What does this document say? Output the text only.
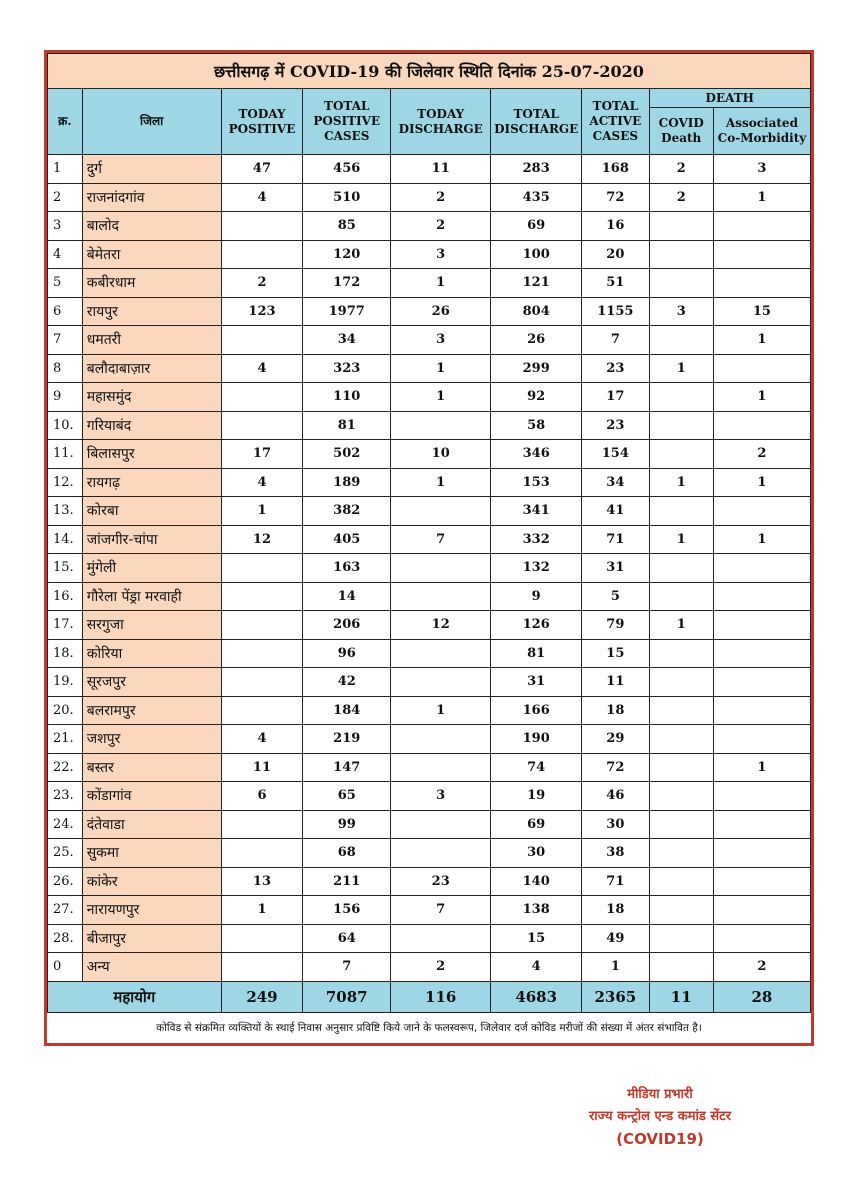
छत्तीसगढ़ में COVID-19 की जिलेवार स्थिति दिनांक 25-07-2020								
क्र.	जिला	TODAY POSITIVE	TOTAL POSITIVE CASES	TODAY DISCHARGE	TOTAL DISCHARGE	TOTAL ACTIVE CASES	DEATH	
							COVID Death	Associated Co-Morbidity
1	दुर्ग	47	456	11	283	168	2	3
2	राजनांदगांव	4	510	2	435	72	2	1
3	बालोद		85	2	69	16		
4	बेमेतरा		120	3	100	20		
5	कबीरधाम	2	172	1	121	51		
6	रायपुर	123	1977	26	804	1155	3	15
7	धमतरी		34	3	26	7		1
8	बलौदाबाज़ार	4	323	1	299	23	1	
9	महासमुंद		110	1	92	17		1
10.	गरियाबंद		81		58	23		
11.	बिलासपुर	17	502	10	346	154		2
12.	रायगढ़	4	189	1	153	34	1	1
13.	कोरबा	1	382		341	41		
14.	जांजगीर-चांपा	12	405	7	332	71	1	1
15.	मुंगेली		163		132	31		
16.	गौरेला पेंड्रा मरवाही		14		9	5		
17.	सरगुजा		206	12	126	79	1	
18.	कोरिया		96		81	15		
19.	सूरजपुर		42		31	11		
20.	बलरामपुर		184	1	166	18		
21.	जशपुर	4	219		190	29		
22.	बस्तर	11	147		74	72		1
23.	कोंडागांव	6	65	3	19	46		
24.	दंतेवाडा		99		69	30		
25.	सुकमा		68		30	38		
26.	कांकेर	13	211	23	140	71		
27.	नारायणपुर	1	156	7	138	18		
28.	बीजापुर		64		15	49		
0	अन्य		7	2	4	1		2
महायोग		249	7087	116	4683	2365	11	28
कोविड से संक्रमित व्यक्तियों के स्थाई निवास अनुसार प्रविष्टि किये जाने के फलस्वरूप, जिलेवार दर्ज कोविड मरीजों की संख्या में अंतर संभावित है।								
मीडिया प्रभारी
राज्य कन्ट्रोल एन्ड कमांड सेंटर
(COVID19)
